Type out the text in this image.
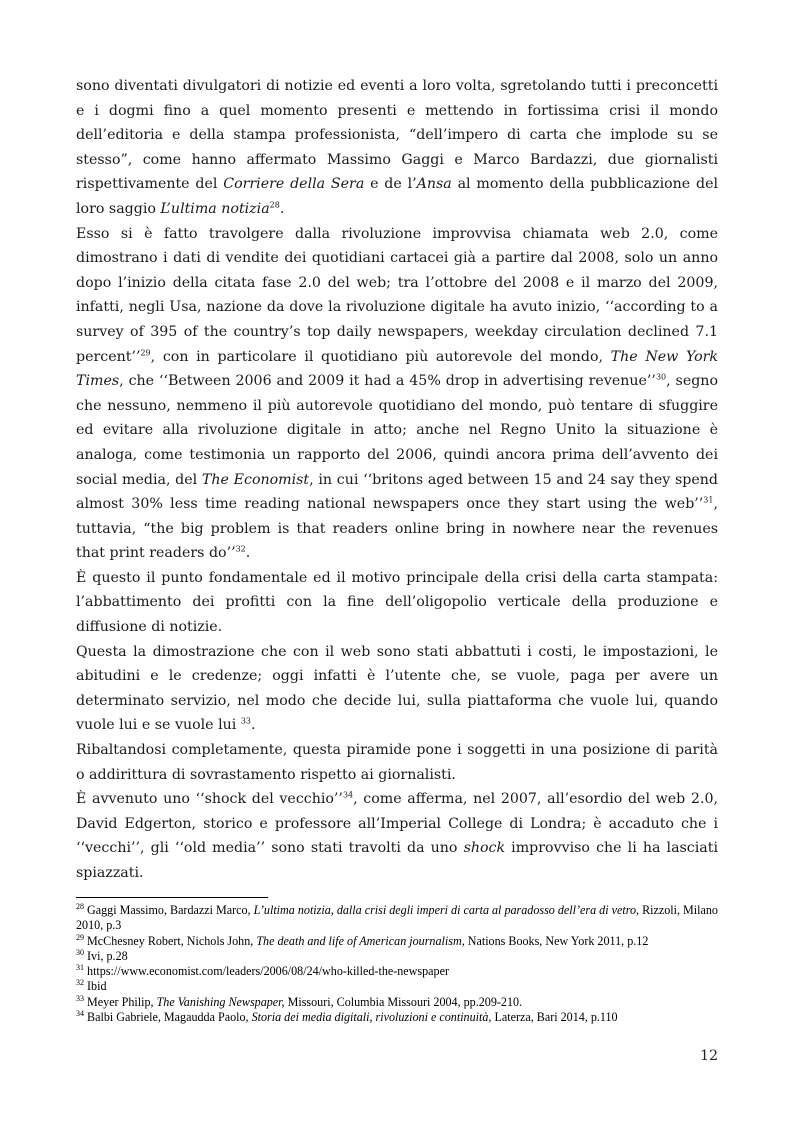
sono diventati divulgatori di notizie ed eventi a loro volta, sgretolando tutti i preconcetti e i dogmi fino a quel momento presenti e mettendo in fortissima crisi il mondo dell’editoria e della stampa professionista, “dell’impero di carta che implode su se stesso”, come hanno affermato Massimo Gaggi e Marco Bardazzi, due giornalisti rispettivamente del Corriere della Sera e de l’Ansa al momento della pubblicazione del loro saggio L’ultima notizia$^{28}$.

Esso si è fatto travolgere dalla rivoluzione improvvisa chiamata web 2.0, come dimostrano i dati di vendite dei quotidiani cartacei già a partire dal 2008, solo un anno dopo l’inizio della citata fase 2.0 del web; tra l’ottobre del 2008 e il marzo del 2009, infatti, negli Usa, nazione da dove la rivoluzione digitale ha avuto inizio, ‘‘according to a survey of 395 of the country’s top daily newspapers, weekday circulation declined 7.1 percent’’$^{29}$, con in particolare il quotidiano più autorevole del mondo, The New York Times, che ‘‘Between 2006 and 2009 it had a 45% drop in advertising revenue’’$^{30}$, segno che nessuno, nemmeno il più autorevole quotidiano del mondo, può tentare di sfuggire ed evitare alla rivoluzione digitale in atto; anche nel Regno Unito la situazione è analoga, come testimonia un rapporto del 2006, quindi ancora prima dell’avvento dei social media, del The Economist, in cui ‘‘britons aged between 15 and 24 say they spend almost 30% less time reading national newspapers once they start using the web’’$^{31}$, tuttavia, “the big problem is that readers online bring in nowhere near the revenues that print readers do’’$^{32}$.

È questo il punto fondamentale ed il motivo principale della crisi della carta stampata: l’abbattimento dei profitti con la fine dell’oligopolio verticale della produzione e diffusione di notizie.

Questa la dimostrazione che con il web sono stati abbattuti i costi, le impostazioni, le abitudini e le credenze; oggi infatti è l’utente che, se vuole, paga per avere un determinato servizio, nel modo che decide lui, sulla piattaforma che vuole lui, quando vuole lui e se vuole lui $^{33}$.

Ribaltandosi completamente, questa piramide pone i soggetti in una posizione di parità o addirittura di sovrastamento rispetto ai giornalisti.

È avvenuto uno ‘‘shock del vecchio’’$^{34}$, come afferma, nel 2007, all’esordio del web 2.0, David Edgerton, storico e professore all’Imperial College di Londra; è accaduto che i ‘‘vecchi’’, gli ‘‘old media’’ sono stati travolti da uno shock improvviso che li ha lasciati spiazzati.

$^{28}$ Gaggi Massimo, Bardazzi Marco, L’ultima notizia, dalla crisi degli imperi di carta al paradosso dell’era di vetro, Rizzoli, Milano 2010, p.3

$^{29}$ McChesney Robert, Nichols John, The death and life of American journalism, Nations Books, New York 2011, p.12

$^{30}$ Ivi, p.28

$^{31}$ https://www.economist.com/leaders/2006/08/24/who-killed-the-newspaper

$^{32}$ Ibid

$^{33}$ Meyer Philip, The Vanishing Newspaper, Missouri, Columbia Missouri 2004, pp.209-210.

$^{34}$ Balbi Gabriele, Magaudda Paolo, Storia dei media digitali, rivoluzioni e continuità, Laterza, Bari 2014, p.110

12
